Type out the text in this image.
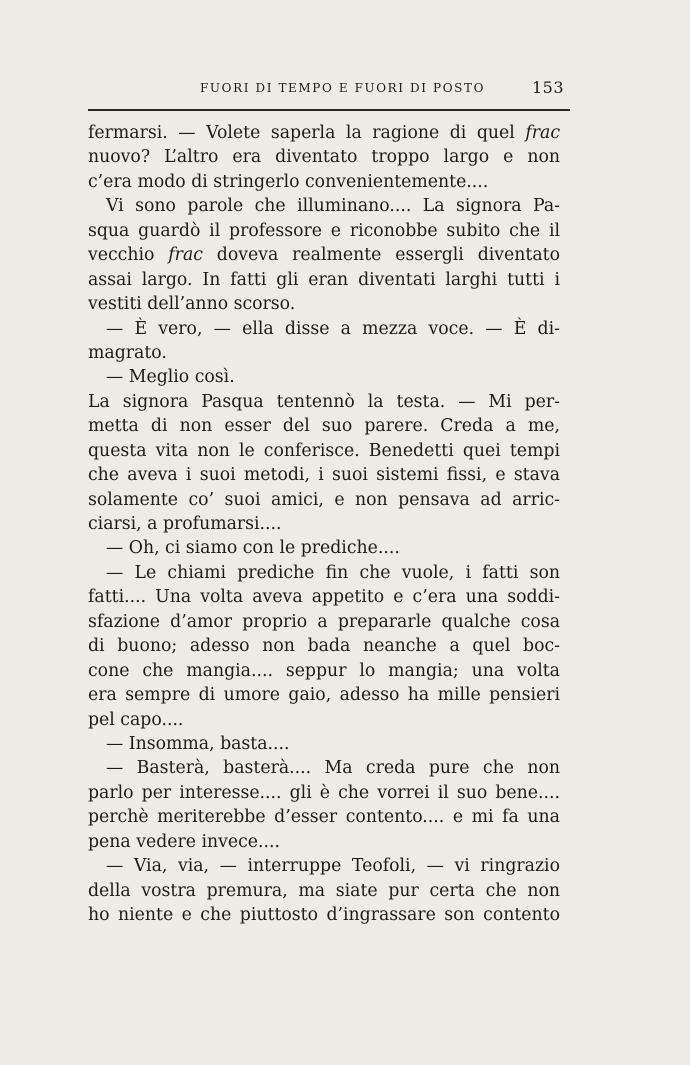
FUORI DI TEMPO E FUORI DI POSTO	153
fermarsi. — Volete saperla la ragione di quel frac
nuovo? L’altro era diventato troppo largo e non
c’era modo di stringerlo convenientemente....
Vi sono parole che illuminano.... La signora Pa-
squa guardò il professore e riconobbe subito che il
vecchio frac doveva realmente essergli diventato
assai largo. In fatti gli eran diventati larghi tutti i
vestiti dell’anno scorso.
— È vero, — ella disse a mezza voce. — È di-
magrato.
— Meglio così.
La signora Pasqua tentennò la testa. — Mi per-
metta di non esser del suo parere. Creda a me,
questa vita non le conferisce. Benedetti quei tempi
che aveva i suoi metodi, i suoi sistemi fissi, e stava
solamente co’ suoi amici, e non pensava ad arric-
ciarsi, a profumarsi....
— Oh, ci siamo con le prediche....
— Le chiami prediche fin che vuole, i fatti son
fatti.... Una volta aveva appetito e c’era una soddi-
sfazione d’amor proprio a prepararle qualche cosa
di buono; adesso non bada neanche a quel boc-
cone che mangia.... seppur lo mangia; una volta
era sempre di umore gaio, adesso ha mille pensieri
pel capo....
— Insomma, basta....
— Basterà, basterà.... Ma creda pure che non
parlo per interesse.... gli è che vorrei il suo bene....
perchè meriterebbe d’esser contento.... e mi fa una
pena vedere invece....
— Via, via, — interruppe Teofoli, — vi ringrazio
della vostra premura, ma siate pur certa che non
ho niente e che piuttosto d’ingrassare son contento
